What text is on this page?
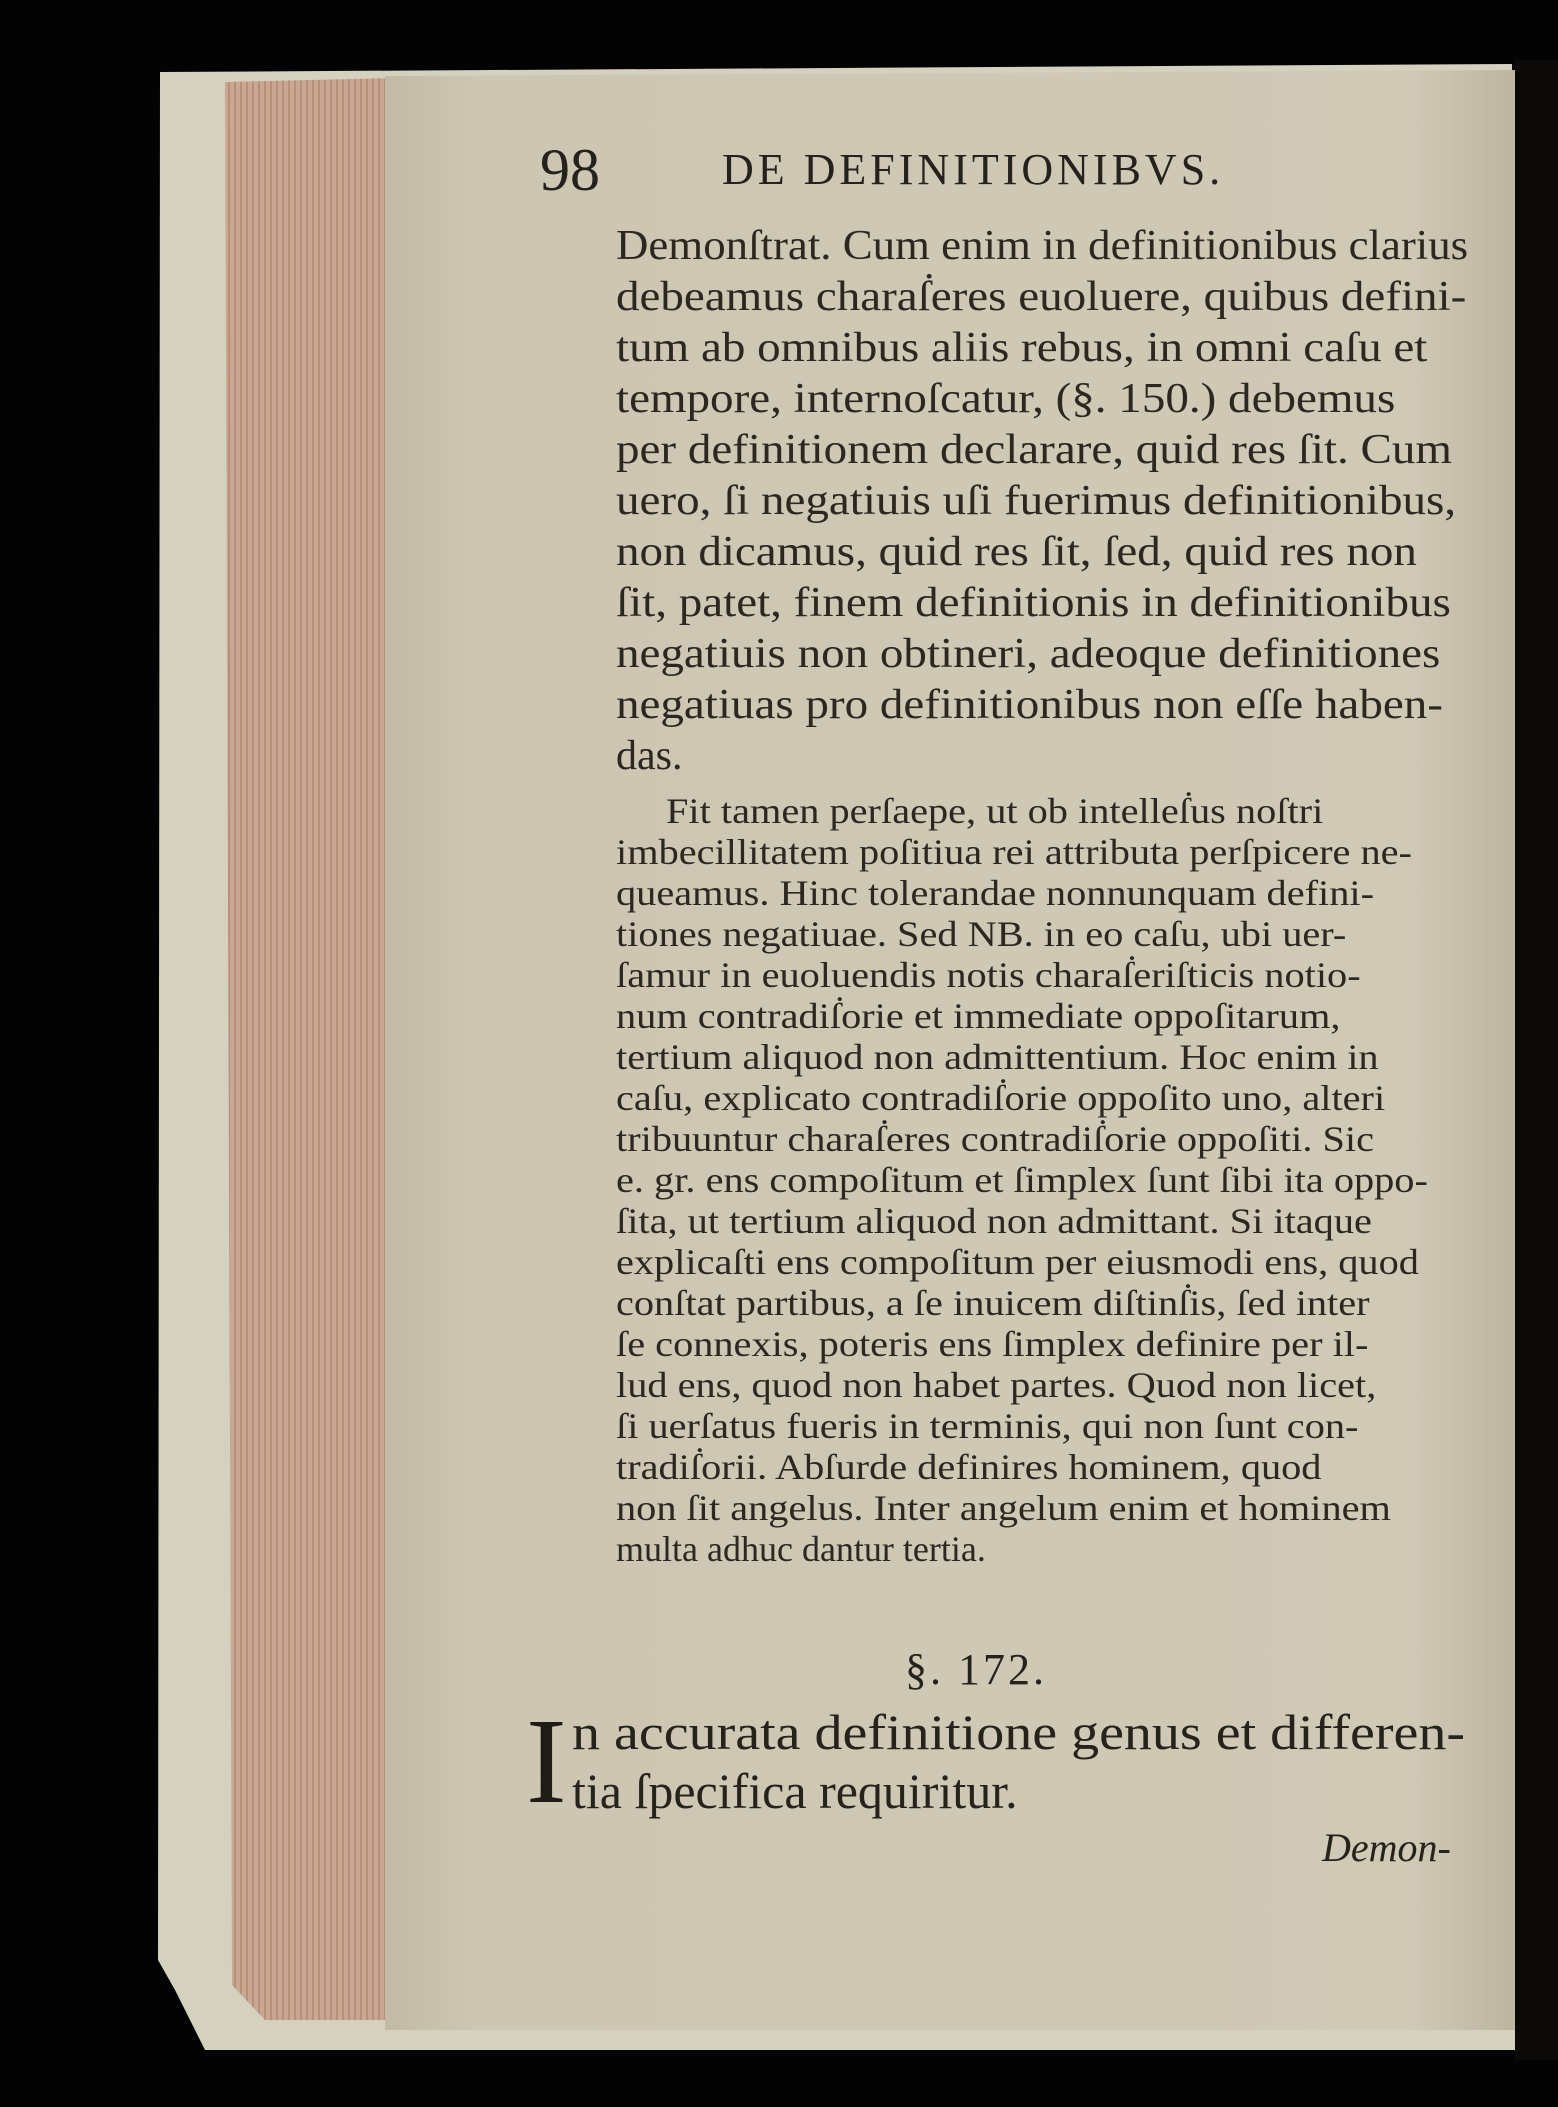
98	DE DEFINITIONIBVS.
Demonſtrat. Cum enim in definitionibus clarius
debeamus charaẛeres euoluere, quibus defini-
tum ab omnibus aliis rebus, in omni caſu et
tempore, internoſcatur, (§. 150.) debemus
per definitionem declarare, quid res ſit. Cum
uero, ſi negatiuis uſi fuerimus definitionibus,
non dicamus, quid res ſit, ſed, quid res non
ſit, patet, finem definitionis in definitionibus
negatiuis non obtineri, adeoque definitiones
negatiuas pro definitionibus non eſſe haben-
das.
Fit tamen perſaepe, ut ob intelleẛus noſtri
imbecillitatem poſitiua rei attributa perſpicere ne-
queamus. Hinc tolerandae nonnunquam defini-
tiones negatiuae. Sed NB. in eo caſu, ubi uer-
ſamur in euoluendis notis charaẛeriſticis notio-
num contradiẛorie et immediate oppoſitarum,
tertium aliquod non admittentium. Hoc enim in
caſu, explicato contradiẛorie oppoſito uno, alteri
tribuuntur charaẛeres contradiẛorie oppoſiti. Sic
e. gr. ens compoſitum et ſimplex ſunt ſibi ita oppo-
ſita, ut tertium aliquod non admittant. Si itaque
explicaſti ens compoſitum per eiusmodi ens, quod
conſtat partibus, a ſe inuicem diſtinẛis, ſed inter
ſe connexis, poteris ens ſimplex definire per il-
lud ens, quod non habet partes. Quod non licet,
ſi uerſatus fueris in terminis, qui non ſunt con-
tradiẛorii. Abſurde definires hominem, quod
non ſit angelus. Inter angelum enim et hominem
multa adhuc dantur tertia.
§. 172.
I n accurata definitione genus et differen-
tia ſpecifica requiritur.
Demon-
